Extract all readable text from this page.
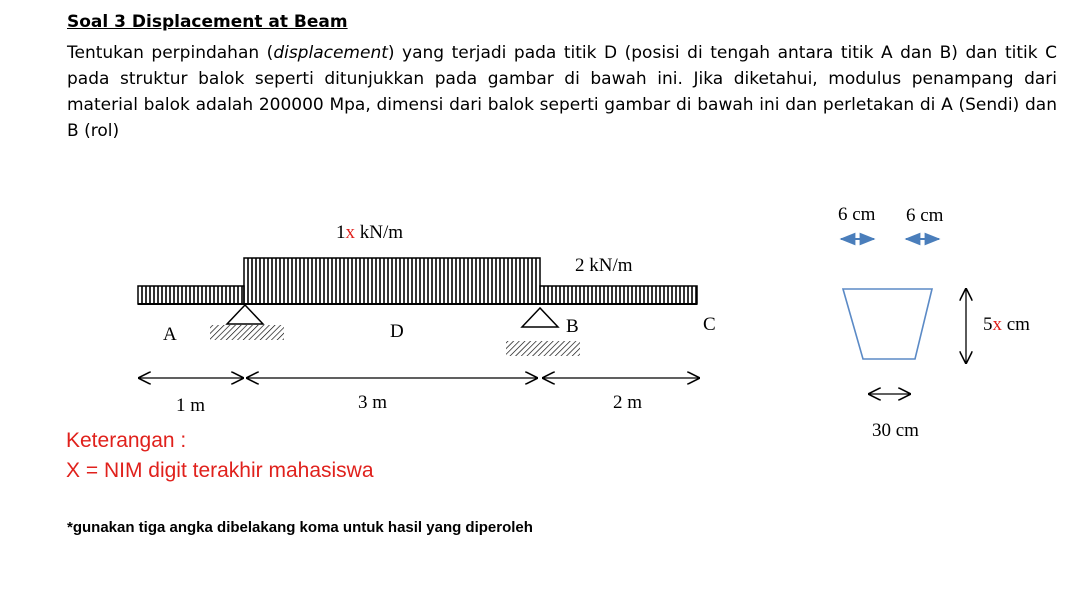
Soal 3 Displacement at Beam

Tentukan perpindahan (displacement) yang terjadi pada titik D (posisi di tengah antara titik A dan B) dan titik C pada struktur balok seperti ditunjukkan pada gambar di bawah ini. Jika diketahui, modulus penampang dari material balok adalah 200000 Mpa, dimensi dari balok seperti gambar di bawah ini dan perletakan di A (Sendi) dan B (rol)

1x kN/m
2 kN/m
A	D	B	C
1 m	3 m	2 m
6 cm 6 cm
5x cm
30 cm
Keterangan :
X = NIM digit terakhir mahasiswa
*gunakan tiga angka dibelakang koma untuk hasil yang diperoleh
